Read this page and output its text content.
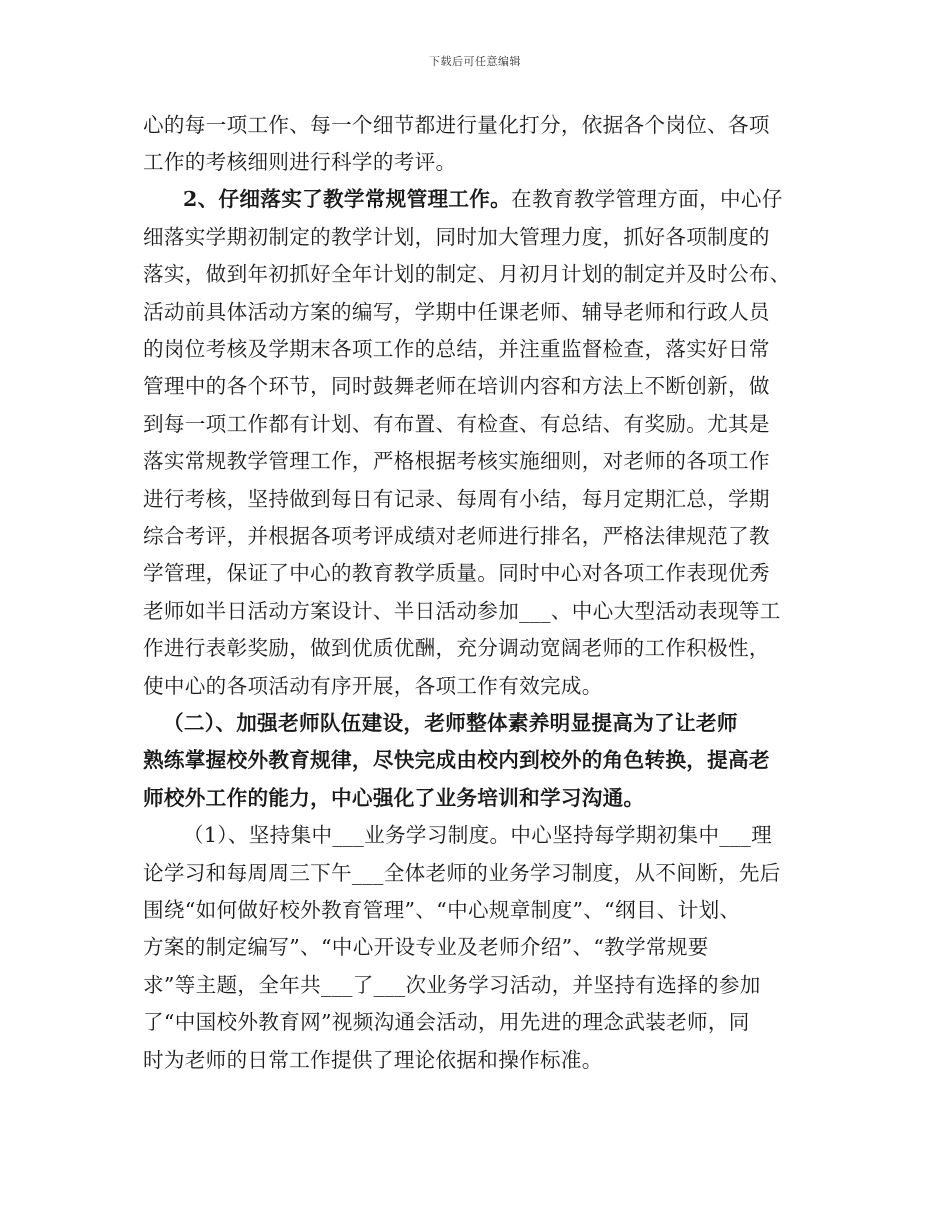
下载后可任意编辑
心的每一项工作、每一个细节都进行量化打分，依据各个岗位、各项
工作的考核细则进行科学的考评。
2、仔细落实了教学常规管理工作。在教育教学管理方面，中心仔
细落实学期初制定的教学计划，同时加大管理力度，抓好各项制度的
落实，做到年初抓好全年计划的制定、月初月计划的制定并及时公布、
活动前具体活动方案的编写，学期中任课老师、辅导老师和行政人员
的岗位考核及学期末各项工作的总结，并注重监督检查，落实好日常
管理中的各个环节，同时鼓舞老师在培训内容和方法上不断创新，做
到每一项工作都有计划、有布置、有检查、有总结、有奖励。尤其是
落实常规教学管理工作，严格根据考核实施细则，对老师的各项工作
进行考核，坚持做到每日有记录、每周有小结，每月定期汇总，学期
综合考评，并根据各项考评成绩对老师进行排名，严格法律规范了教
学管理，保证了中心的教育教学质量。同时中心对各项工作表现优秀
老师如半日活动方案设计、半日活动参加___、中心大型活动表现等工
作进行表彰奖励，做到优质优酬，充分调动宽阔老师的工作积极性，
使中心的各项活动有序开展，各项工作有效完成。
（二）、加强老师队伍建设，老师整体素养明显提高为了让老师
熟练掌握校外教育规律，尽快完成由校内到校外的角色转换，提高老
师校外工作的能力，中心强化了业务培训和学习沟通。
（1）、坚持集中___业务学习制度。中心坚持每学期初集中___理
论学习和每周周三下午___全体老师的业务学习制度，从不间断，先后
围绕“如何做好校外教育管理”、“中心规章制度”、“纲目、计划、
方案的制定编写”、“中心开设专业及老师介绍”、“教学常规要
求”等主题，全年共___了___次业务学习活动，并坚持有选择的参加
了“中国校外教育网”视频沟通会活动，用先进的理念武装老师，同
时为老师的日常工作提供了理论依据和操作标准。
